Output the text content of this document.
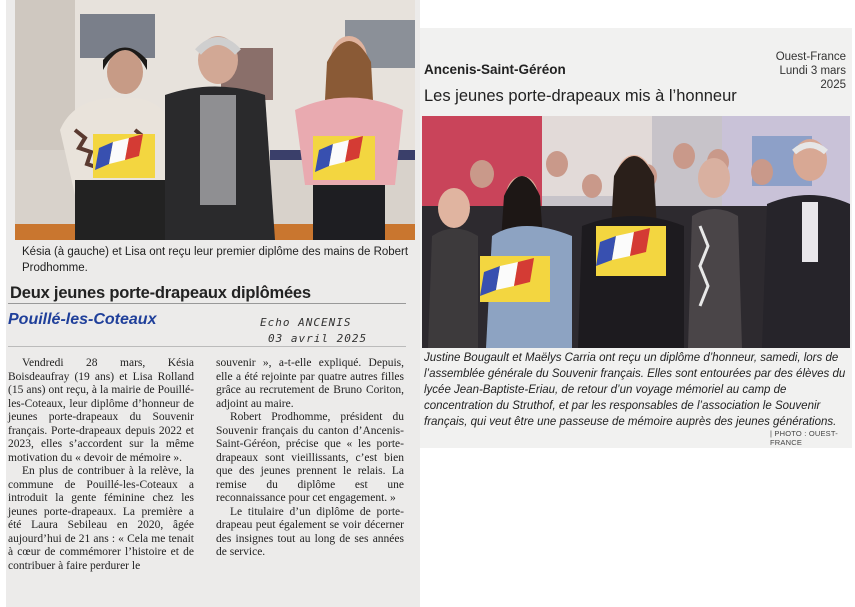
Késia (à gauche) et Lisa ont reçu leur premier diplôme des mains de Robert Prodhomme.
Deux jeunes porte-drapeaux diplômées
Pouillé-les-Coteaux	Echo ANCENIS
03 avril 2025

Vendredi 28 mars, Késia Boisdeaufray (19 ans) et Lisa Rolland (15 ans) ont reçu, à la mairie de Pouillé-les-Coteaux, leur diplôme d’honneur de jeunes porte-drapeaux du Souvenir français. Porte-drapeaux depuis 2022 et 2023, elles s’accordent sur la même motivation du « devoir de mémoire ».

En plus de contribuer à la relève, la commune de Pouillé-les-Coteaux a introduit la gente féminine chez les jeunes porte-drapeaux. La première a été Laura Sebileau en 2020, âgée aujourd’hui de 21 ans : « Cela me tenait à cœur de commémorer l’histoire et de contribuer à faire perdurer le

souvenir », a-t-elle expliqué. Depuis, elle a été rejointe par quatre autres filles grâce au recrutement de Bruno Coriton, adjoint au maire.

Robert Prodhomme, président du Souvenir français du canton d’Ancenis-Saint-Géréon, précise que « les porte-drapeaux sont vieillissants, c’est bien que des jeunes prennent le relais. La remise du diplôme est une reconnaissance pour cet engagement. »

Le titulaire d’un diplôme de porte-drapeau peut également se voir décerner des insignes tout au long de ses années de service.

Ouest-France
Lundi 3 mars 2025
Ancenis-Saint-Géréon
Les jeunes porte-drapeaux mis à l’honneur
Justine Bougault et Maëlys Carria ont reçu un diplôme d’honneur, samedi, lors de l’assemblée générale du Souvenir français. Elles sont entourées par des élèves du lycée Jean-Baptiste-Eriau, de retour d’un voyage mémoriel au camp de concentration du Struthof, et par les responsables de l’association le Souvenir français, qui veut être une passeuse de mémoire auprès des jeunes générations.
| PHOTO : OUEST-FRANCE
